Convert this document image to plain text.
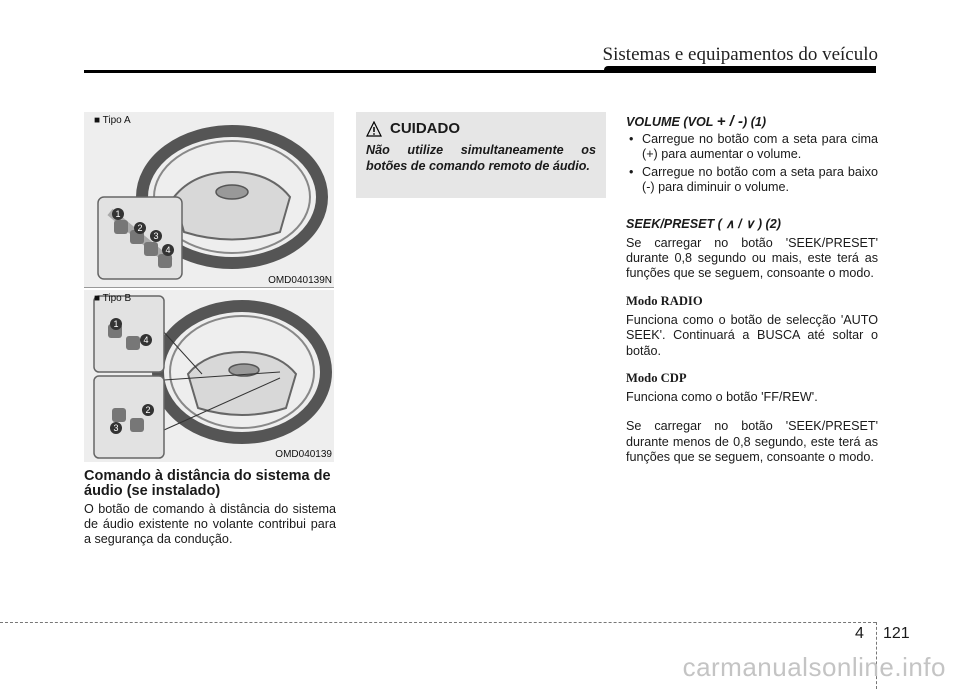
Sistemas e equipamentos do veículo
■ Tipo A
1
2
3
4
OMD040139N
■ Tipo B
1
4
2
3
OMD040139
Comando à distância do sistema de áudio (se instalado)
O botão de comando à distância do sistema de áudio existente no volante contribui para a segurança da condução.
CUIDADO
Não utilize simultaneamente os botões de comando remoto de áudio.
VOLUME (VOL + / -) (1)
• Carregue no botão com a seta para cima (+) para aumentar o volume.
• Carregue no botão com a seta para baixo (-) para diminuir o volume.
SEEK/PRESET ( ∧ / ∨ ) (2)
Se carregar no botão 'SEEK/PRESET' durante 0,8 segundo ou mais, este terá as funções que se seguem, consoante o modo.
Modo RADIO
Funciona como o botão de selecção 'AUTO SEEK'. Continuará a BUSCA até soltar o botão.
Modo CDP
Funciona como o botão 'FF/REW'.
Se carregar no botão 'SEEK/PRESET' durante menos de 0,8 segundo, este terá as funções que se seguem, consoante o modo.
4 121
carmanualsonline.info
